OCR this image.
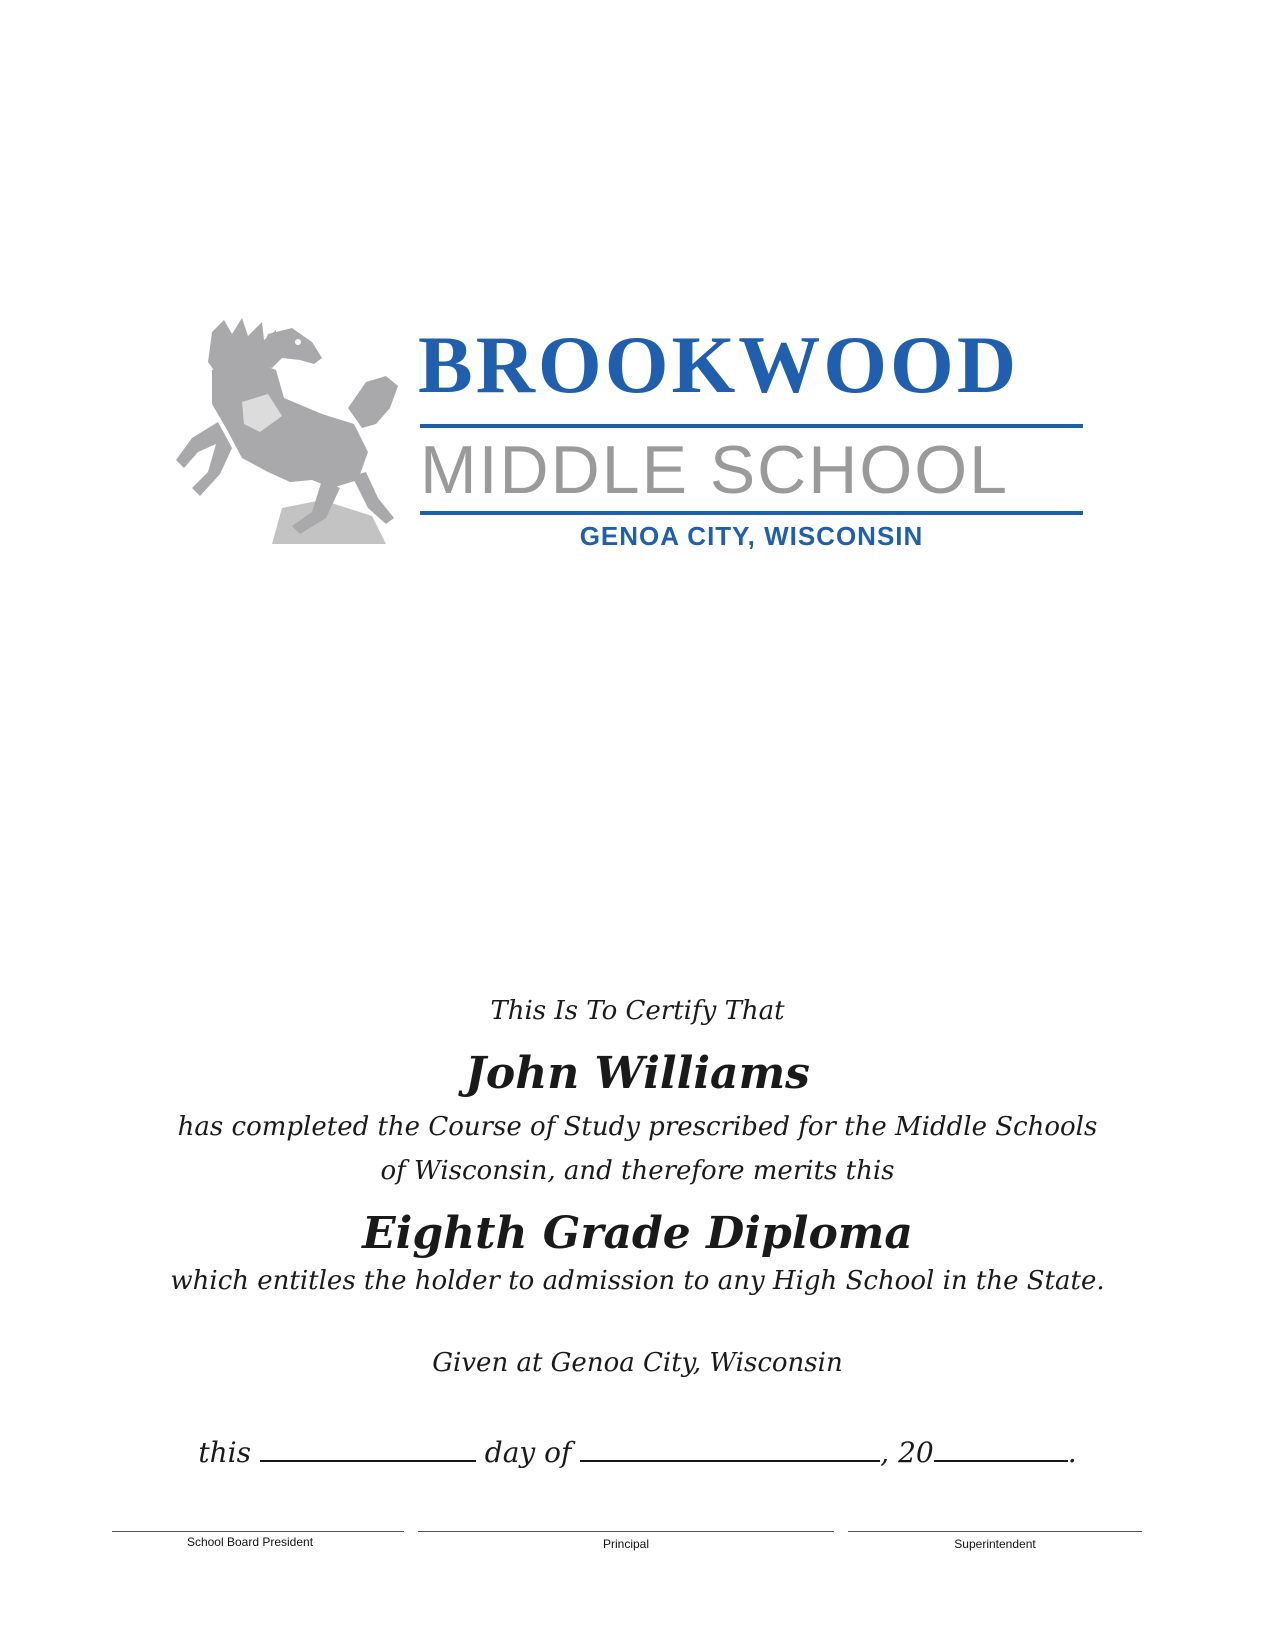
BROOKWOOD
MIDDLE SCHOOL
GENOA CITY, WISCONSIN
This Is To Certify That
John Williams
has completed the Course of Study prescribed for the Middle Schools
of Wisconsin, and therefore merits this
Eighth Grade Diploma
which entitles the holder to admission to any High School in the State.
Given at Genoa City, Wisconsin
this	day of	, 20	.
School Board President	Principal	Superintendent
